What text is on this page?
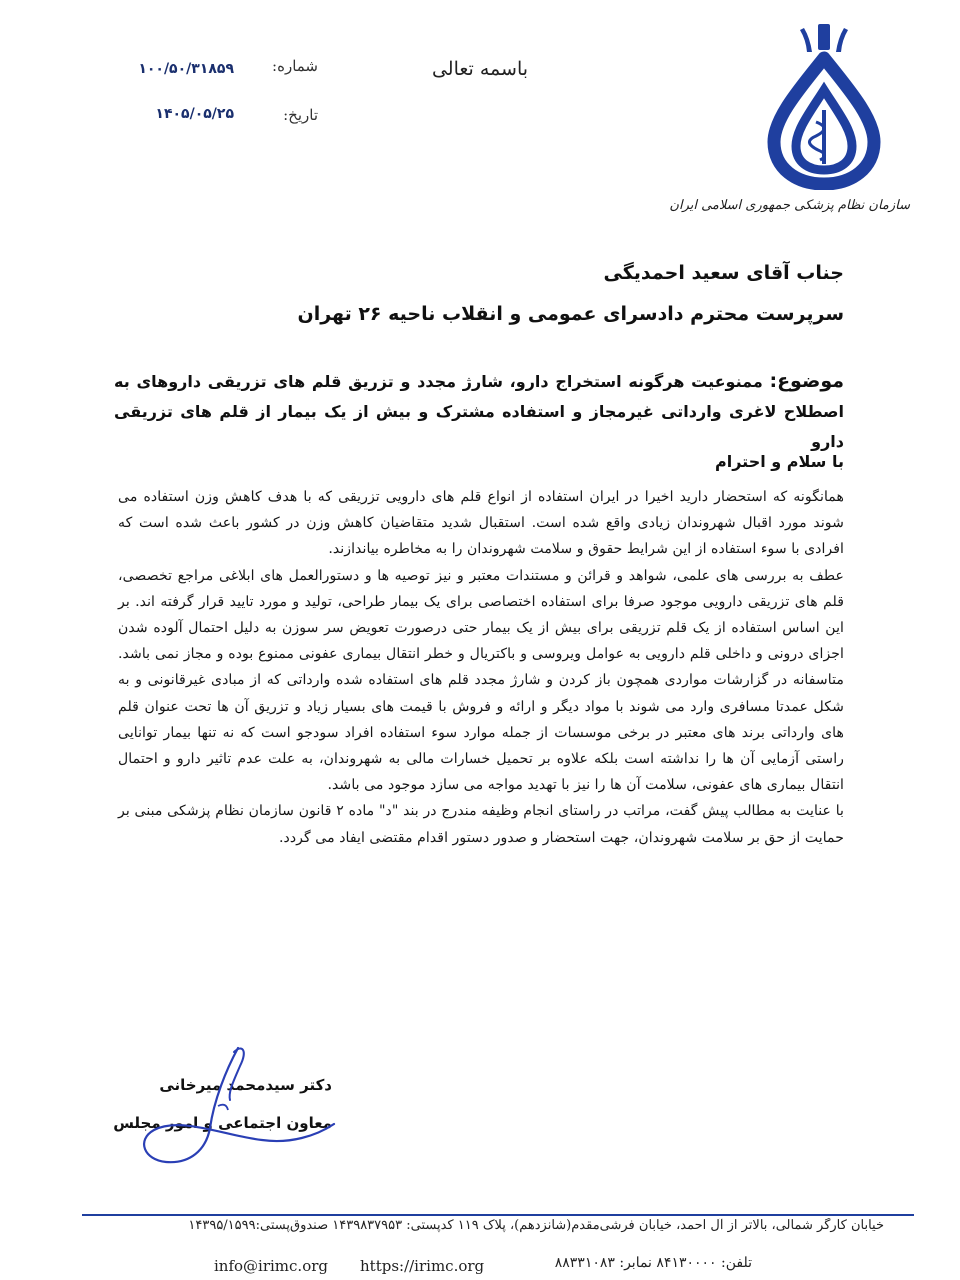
سازمان نظام پزشکی جمهوری اسلامی ایران
باسمه تعالی
شماره:
۱۰۰/۵۰/۳۱۸۵۹
تاریخ:
۱۴۰۵/۰۵/۲۵
جناب آقای سعید احمدیگی
سرپرست محترم دادسرای عمومی و انقلاب ناحیه ۲۶ تهران
موضوع: ممنوعیت هرگونه استخراج دارو، شارژ مجدد و تزریق قلم های تزریقی داروهای به اصطلاح لاغری وارداتی غیرمجاز و استفاده مشترک و بیش از یک بیمار از قلم های تزریقی دارو
با سلام و احترام

همانگونه که استحضار دارید اخیرا در ایران استفاده از انواع قلم های دارویی تزریقی که با هدف کاهش وزن استفاده می شوند مورد اقبال شهروندان زیادی واقع شده است. استقبال شدید متقاضیان کاهش وزن در کشور باعث شده است که افرادی با سوء استفاده از این شرایط حقوق و سلامت شهروندان را به مخاطره بیاندازند.

عطف به بررسی های علمی، شواهد و قرائن و مستندات معتبر و نیز توصیه ها و دستورالعمل های ابلاغی مراجع تخصصی، قلم های تزریقی دارویی موجود صرفا برای استفاده اختصاصی برای یک بیمار طراحی، تولید و مورد تایید قرار گرفته اند. بر این اساس استفاده از یک قلم تزریقی برای بیش از یک بیمار حتی درصورت تعویض سر سوزن به دلیل احتمال آلوده شدن اجزای درونی و داخلی قلم دارویی به عوامل ویروسی و باکتریال و خطر انتقال بیماری عفونی ممنوع بوده و مجاز نمی باشد. متاسفانه در گزارشات مواردی همچون باز کردن و شارژ مجدد قلم های استفاده شده وارداتی که از مبادی غیرقانونی و به شکل عمدتا مسافری وارد می شوند با مواد دیگر و ارائه و فروش با قیمت های بسیار زیاد و تزریق آن ها تحت عنوان قلم های وارداتی برند های معتبر در برخی موسسات از جمله موارد سوء استفاده افراد سودجو است که نه تنها بیمار توانایی راستی آزمایی آن ها را نداشته است بلکه علاوه بر تحمیل خسارات مالی به شهروندان، به علت عدم تاثیر دارو و احتمال انتقال بیماری های عفونی، سلامت آن ها را نیز با تهدید مواجه می سازد موجود می باشد.

با عنایت به مطالب پیش گفت، مراتب در راستای انجام وظیفه مندرج در بند "د" ماده ۲ قانون سازمان نظام پزشکی مبنی بر حمایت از حق بر سلامت شهروندان، جهت استحضار و صدور دستور اقدام مقتضی ایفاد می گردد.

دکتر سیدمحمد میرخانی
معاون اجتماعی و امور مجلس
خیابان کارگر شمالی، بالاتر از آل احمد، خیابان فرشی‌مقدم(شانزدهم)، پلاک ۱۱۹ کدپستی: ۱۴۳۹۸۳۷۹۵۳ صندوق‌پستی:۱۴۳۹۵/۱۵۹۹
تلفن: ۸۴۱۳۰۰۰۰ نمابر: ۸۸۳۳۱۰۸۳
https://irimc.org
info@irimc.org
